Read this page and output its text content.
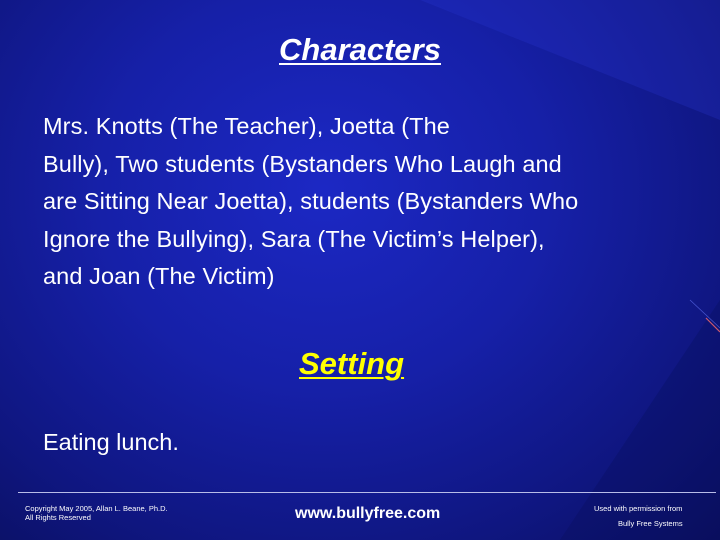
Characters
Mrs. Knotts (The Teacher), Joetta (The
Bully), Two students (Bystanders Who Laugh and
are Sitting Near Joetta), students (Bystanders Who
Ignore the Bullying), Sara (The Victim’s Helper),
and Joan (The Victim)
Setting
Eating lunch.
Copyright May 2005, Allan L. Beane, Ph.D.
All Rights Reserved	www.bullyfree.com	Used with permission from
Bully Free Systems
